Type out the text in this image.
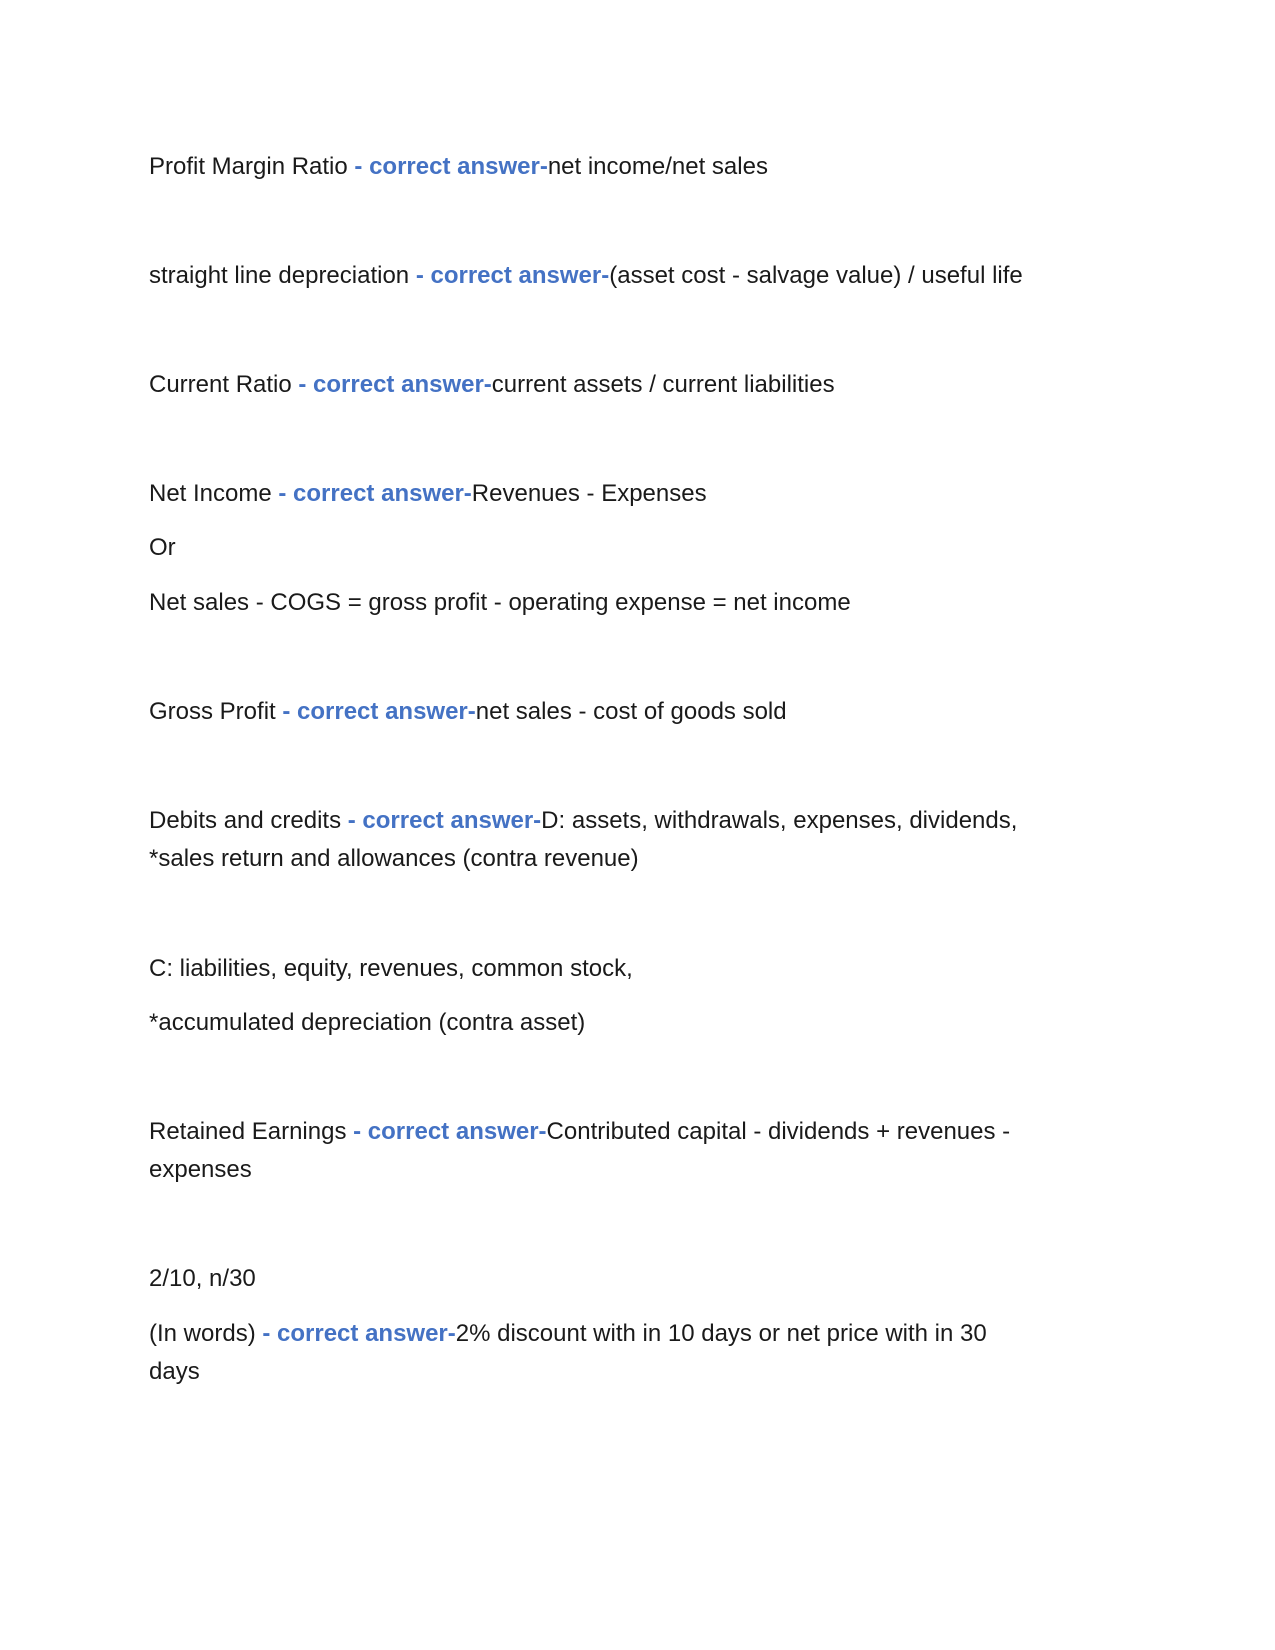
Profit Margin Ratio - correct answer-net income/net sales
straight line depreciation - correct answer-(asset cost - salvage value) / useful life
Current Ratio - correct answer-current assets / current liabilities
Net Income - correct answer-Revenues - Expenses
Or
Net sales - COGS = gross profit - operating expense = net income
Gross Profit - correct answer-net sales - cost of goods sold
Debits and credits - correct answer-D: assets, withdrawals, expenses, dividends,
*sales return and allowances (contra revenue)
C: liabilities, equity, revenues, common stock,
*accumulated depreciation (contra asset)
Retained Earnings - correct answer-Contributed capital - dividends + revenues -
expenses
2/10, n/30
(In words) - correct answer-2% discount with in 10 days or net price with in 30
days
